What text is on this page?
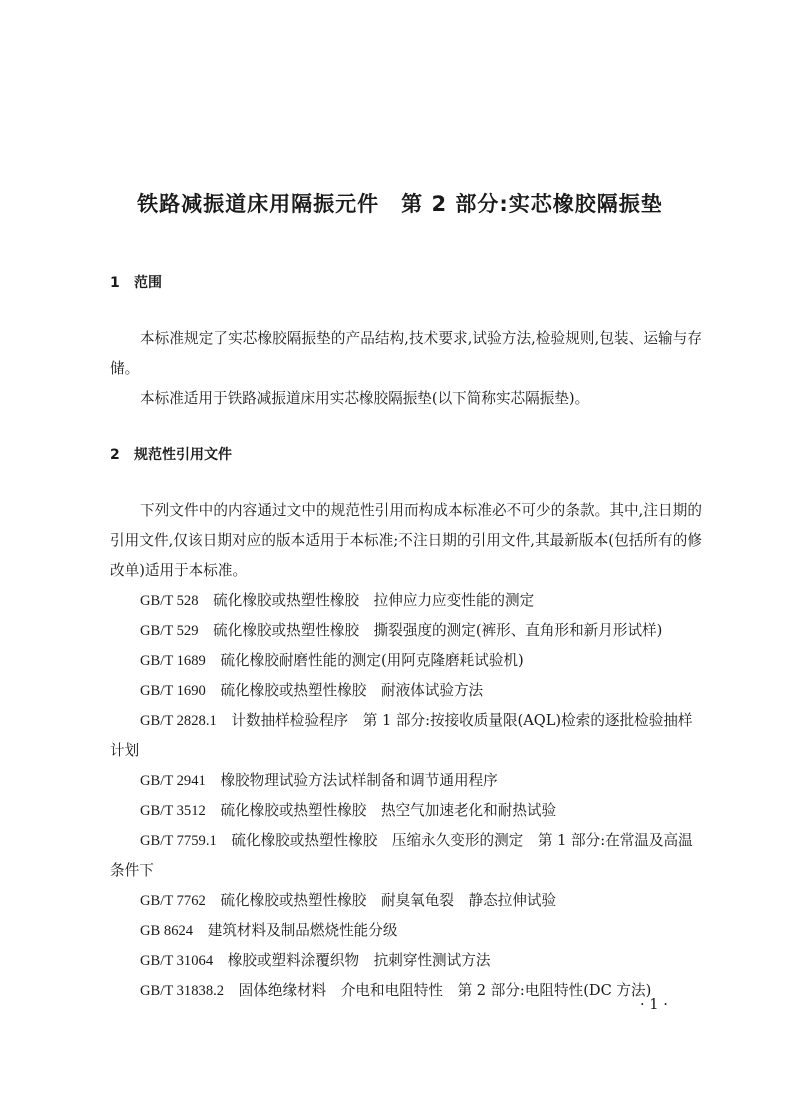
铁路减振道床用隔振元件　第 2 部分:实芯橡胶隔振垫
1 范围
本标准规定了实芯橡胶隔振垫的产品结构,技术要求,试验方法,检验规则,包装、运输与存储。
本标准适用于铁路减振道床用实芯橡胶隔振垫(以下简称实芯隔振垫)。
2 规范性引用文件
下列文件中的内容通过文中的规范性引用而构成本标准必不可少的条款。其中,注日期的引用文件,仅该日期对应的版本适用于本标准;不注日期的引用文件,其最新版本(包括所有的修改单)适用于本标准。
GB/T 528　 硫化橡胶或热塑性橡胶　拉伸应力应变性能的测定
GB/T 529　 硫化橡胶或热塑性橡胶　撕裂强度的测定(裤形、直角形和新月形试样)
GB/T 1689　 硫化橡胶耐磨性能的测定(用阿克隆磨耗试验机)
GB/T 1690　 硫化橡胶或热塑性橡胶　耐液体试验方法
GB/T 2828.1　 计数抽样检验程序　第 1 部分:按接收质量限(AQL)检索的逐批检验抽样计划
GB/T 2941　 橡胶物理试验方法试样制备和调节通用程序
GB/T 3512　 硫化橡胶或热塑性橡胶　热空气加速老化和耐热试验
GB/T 7759.1　 硫化橡胶或热塑性橡胶　压缩永久变形的测定　第 1 部分:在常温及高温条件下
GB/T 7762　 硫化橡胶或热塑性橡胶　耐臭氧龟裂　静态拉伸试验
GB 8624　 建筑材料及制品燃烧性能分级
GB/T 31064　 橡胶或塑料涂覆织物　抗刺穿性测试方法
GB/T 31838.2　 固体绝缘材料　介电和电阻特性　第 2 部分:电阻特性(DC 方法)
· 1 ·
